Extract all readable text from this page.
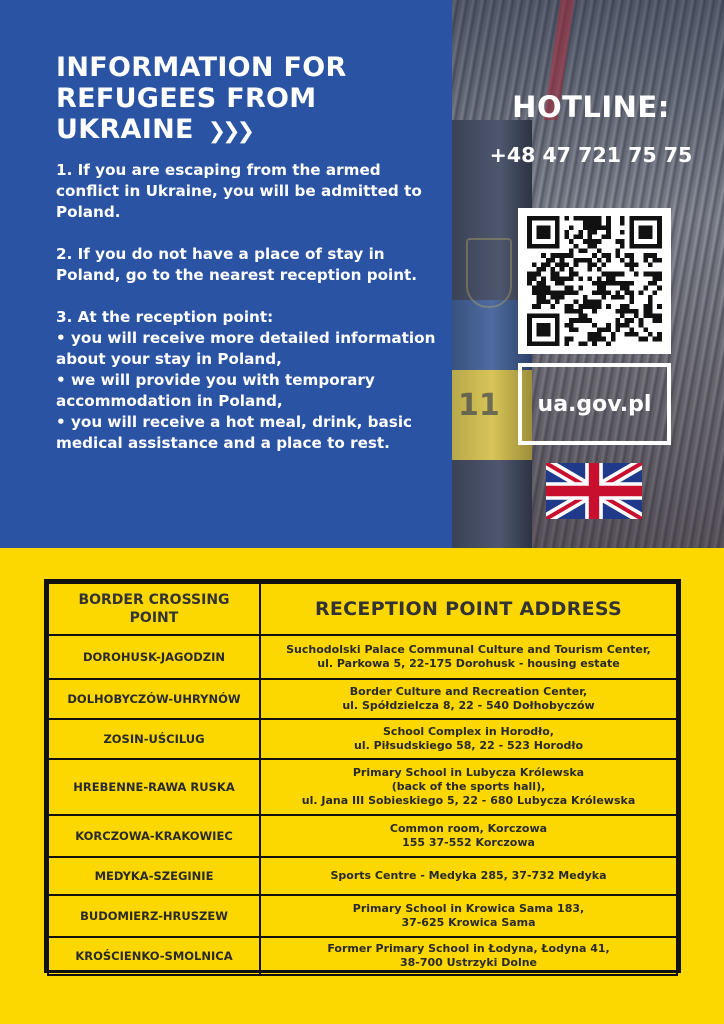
11
INFORMATION FOR
REFUGEES FROM
UKRAINE ❯❯❯

1. If you are escaping from the armed conflict in Ukraine, you will be admitted to Poland.

2. If you do not have a place of stay in Poland, go to the nearest reception point.

3. At the reception point:

• you will receive more detailed information about your stay in Poland,

• we will provide you with temporary accommodation in Poland,

• you will receive a hot meal, drink, basic medical assistance and a place to rest.

HOTLINE:
+48 47 721 75 75
ua.gov.pl
BORDER CROSSING POINT	RECEPTION POINT ADDRESS
DOROHUSK-JAGODZIN	Suchodolski Palace Communal Culture and Tourism Center,
ul. Parkowa 5, 22-175 Dorohusk - housing estate

DOLHOBYCZÓW-UHRYNÓW	Border Culture and Recreation Center,
ul. Spółdzielcza 8, 22 - 540 Dołhobyczów

ZOSIN-UŚCILUG	School Complex in Horodło,
ul. Piłsudskiego 58, 22 - 523 Horodło

HREBENNE-RAWA RUSKA	Primary School in Lubycza Królewska
(back of the sports hall),
ul. Jana III Sobieskiego 5, 22 - 680 Lubycza Królewska

KORCZOWA-KRAKOWIEC	Common room, Korczowa
155 37-552 Korczowa

MEDYKA-SZEGINIE	Sports Centre - Medyka 285, 37-732 Medyka

BUDOMIERZ-HRUSZEW	Primary School in Krowica Sama 183,
37-625 Krowica Sama

KROŚCIENKO-SMOLNICA	Former Primary School in Łodyna, Łodyna 41,
38-700 Ustrzyki Dolne
